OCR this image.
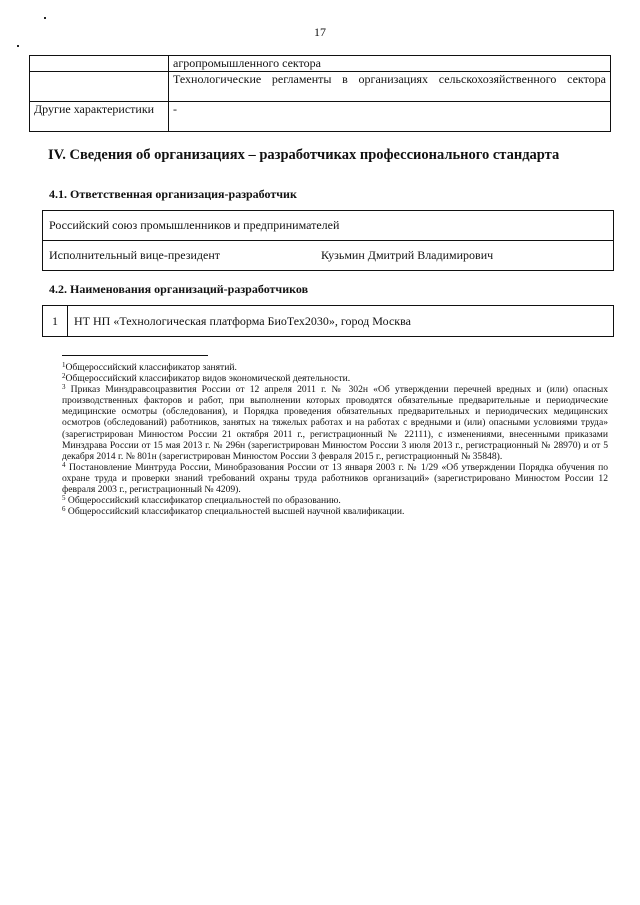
17
	агропромышленного сектора

	Технологические регламенты в организациях сельскохозяйственного сектора

Другие характеристики	-
IV. Сведения об организациях – разработчиках профессионального стандарта
4.1. Ответственная организация-разработчик
Российский союз промышленников и предпринимателей
Исполнительный вице-президент	Кузьмин Дмитрий Владимирович
4.2. Наименования организаций-разработчиков
1	НТ НП «Технологическая платформа БиоТех2030», город Москва

$^1$Общероссийский классификатор занятий.

$^2$Общероссийский классификатор видов экономической деятельности.

$^3$ Приказ Минздравсоцразвития России от 12 апреля 2011 г. № 302н «Об утверждении перечней вредных и (или) опасных производственных факторов и работ, при выполнении которых проводятся обязательные предварительные и периодические медицинские осмотры (обследования), и Порядка проведения обязательных предварительных и периодических медицинских осмотров (обследований) работников, занятых на тяжелых работах и на работах с вредными и (или) опасными условиями труда» (зарегистрирован Минюстом России 21 октября 2011 г., регистрационный № 22111), с изменениями, внесенными приказами Минздрава России от 15 мая 2013 г. № 296н (зарегистрирован Минюстом России 3 июля 2013 г., регистрационный № 28970) и от 5 декабря 2014 г. № 801н (зарегистрирован Минюстом России 3 февраля 2015 г., регистрационный № 35848).

$^4$ Постановление Минтруда России, Минобразования России от 13 января 2003 г. № 1/29 «Об утверждении Порядка обучения по охране труда и проверки знаний требований охраны труда работников организаций» (зарегистрировано Минюстом России 12 февраля 2003 г., регистрационный № 4209).

$^5$ Общероссийский классификатор специальностей по образованию.

$^6$ Общероссийский классификатор специальностей высшей научной квалификации.
